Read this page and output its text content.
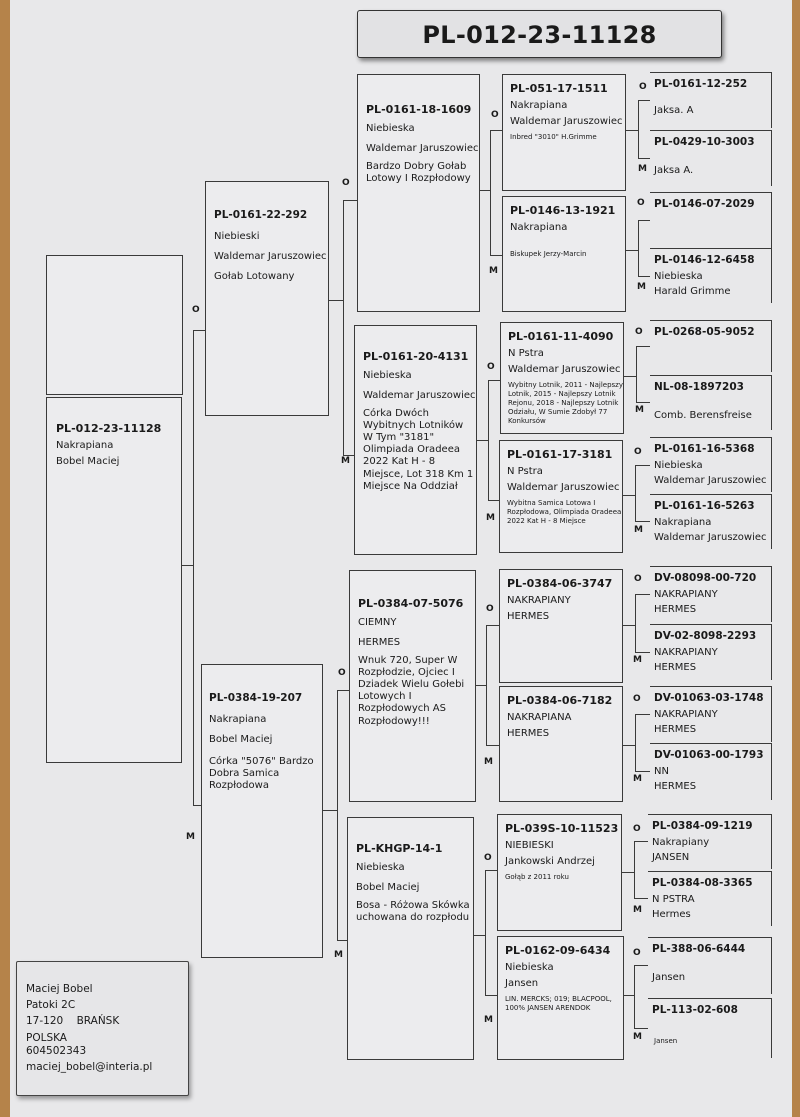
PL-012-23-11128
PL-012-23-11128
Nakrapiana
Bobel Maciej
PL-0161-22-292
Niebieski
Waldemar Jaruszowiec
Gołab Lotowany
PL-0384-19-207
Nakrapiana
Bobel Maciej
Córka "5076" Bardzo Dobra Samica Rozpłodowa
PL-0161-18-1609
Niebieska
Waldemar Jaruszowiec
Bardzo Dobry Gołab Lotowy I Rozpłodowy
PL-0161-20-4131
Niebieska
Waldemar Jaruszowiec
Córka Dwóch Wybitnych Lotników W Tym "3181" Olimpiada Oradeea 2022 Kat H - 8 Miejsce, Lot 318 Km 1 Miejsce Na Oddział
PL-0384-07-5076
CIEMNY
HERMES
Wnuk 720, Super W Rozpłodzie, Ojciec I Dziadek Wielu Gołebi Lotowych I Rozpłodowych AS Rozpłodowy!!!
PL-KHGP-14-1
Niebieska
Bobel Maciej
Bosa - Różowa Skówka uchowana do rozpłodu
PL-051-17-1511
Nakrapiana
Waldemar Jaruszowiec
Inbred "3010" H.Grimme
PL-0146-13-1921
Nakrapiana
Biskupek Jerzy-Marcin
PL-0161-11-4090
N Pstra
Waldemar Jaruszowiec
Wybitny Lotnik, 2011 - Najlepszy Lotnik, 2015 - Najlepszy Lotnik Rejonu, 2018 - Najlepszy Lotnik Odziału, W Sumie Zdobył 77 Konkursów
PL-0161-17-3181
N Pstra
Waldemar Jaruszowiec
Wybitna Samica Lotowa I Rozpłodowa, Olimpiada Oradeea 2022 Kat H - 8 Miejsce
PL-0384-06-3747
NAKRAPIANY
HERMES
PL-0384-06-7182
NAKRAPIANA
HERMES
PL-039S-10-11523
NIEBIESKI
Jankowski Andrzej
Gołąb z 2011 roku
PL-0162-09-6434
Niebieska
Jansen
LIN. MERCKS; 019; BLACPOOL, 100% JANSEN ARENDOK
PL-0161-12-252
Jaksa. A
PL-0429-10-3003
Jaksa A.
PL-0146-07-2029
PL-0146-12-6458
Niebieska
Harald Grimme
PL-0268-05-9052
NL-08-1897203
Comb. Berensfreise
PL-0161-16-5368
Niebieska
Waldemar Jaruszowiec
PL-0161-16-5263
Nakrapiana
Waldemar Jaruszowiec
DV-08098-00-720
NAKRAPIANY
HERMES
DV-02-8098-2293
NAKRAPIANY
HERMES
DV-01063-03-1748
NAKRAPIANY
HERMES
DV-01063-00-1793
NN
HERMES
PL-0384-09-1219
Nakrapiany
JANSEN
PL-0384-08-3365
N PSTRA
Hermes
PL-388-06-6444
Jansen
PL-113-02-608
Jansen
O
M
O
M
O
M
O
M
O
M
O
M
O
M
O
M
O
M
O
M
O
M
O
M
O
M
O
M
O
M
Maciej Bobel
Patoki 2C
17-120 BRAŃSK
POLSKA
604502343
maciej_bobel@interia.pl
